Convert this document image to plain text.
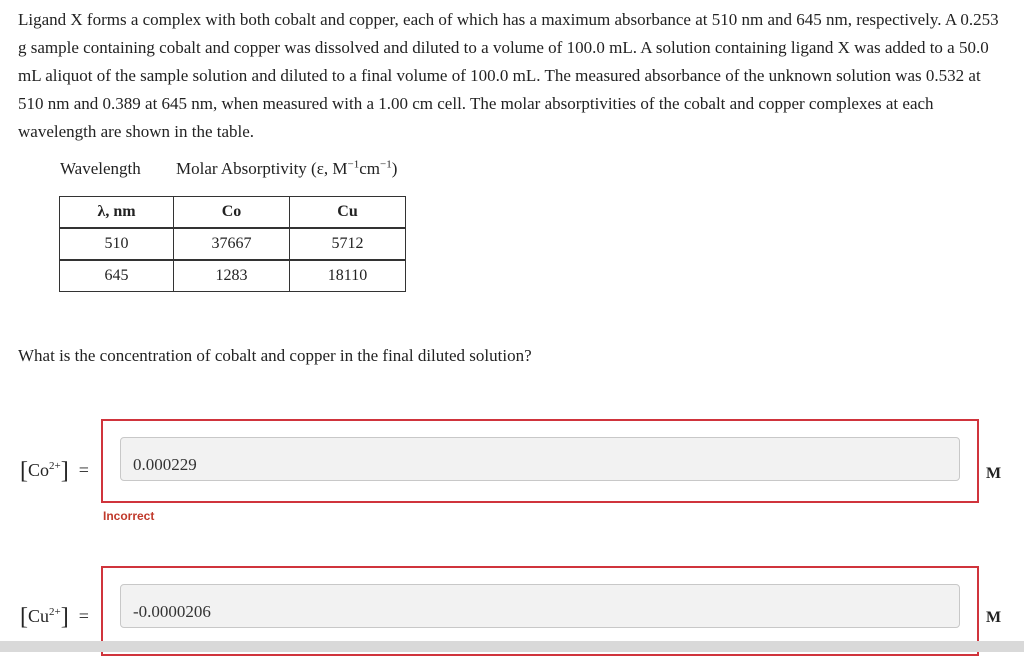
Ligand X forms a complex with both cobalt and copper, each of which has a maximum absorbance at 510 nm and 645 nm, respectively. A 0.253 g sample containing cobalt and copper was dissolved and diluted to a volume of 100.0 mL. A solution containing ligand X was added to a 50.0 mL aliquot of the sample solution and diluted to a final volume of 100.0 mL. The measured absorbance of the unknown solution was 0.532 at 510 nm and 0.389 at 645 nm, when measured with a 1.00 cm cell. The molar absorptivities of the cobalt and copper complexes at each wavelength are shown in the table.

Wavelength Molar Absorptivity (ε, $M^{-1}cm^{-1}$)
λ, nm	Co	Cu
510	37667	5712
645	1283	18110
What is the concentration of cobalt and copper in the final diluted solution?
$[Co^{2+}]$ =
0.000229	M
Incorrect
$[Cu^{2+}]$ =
-0.0000206	M
